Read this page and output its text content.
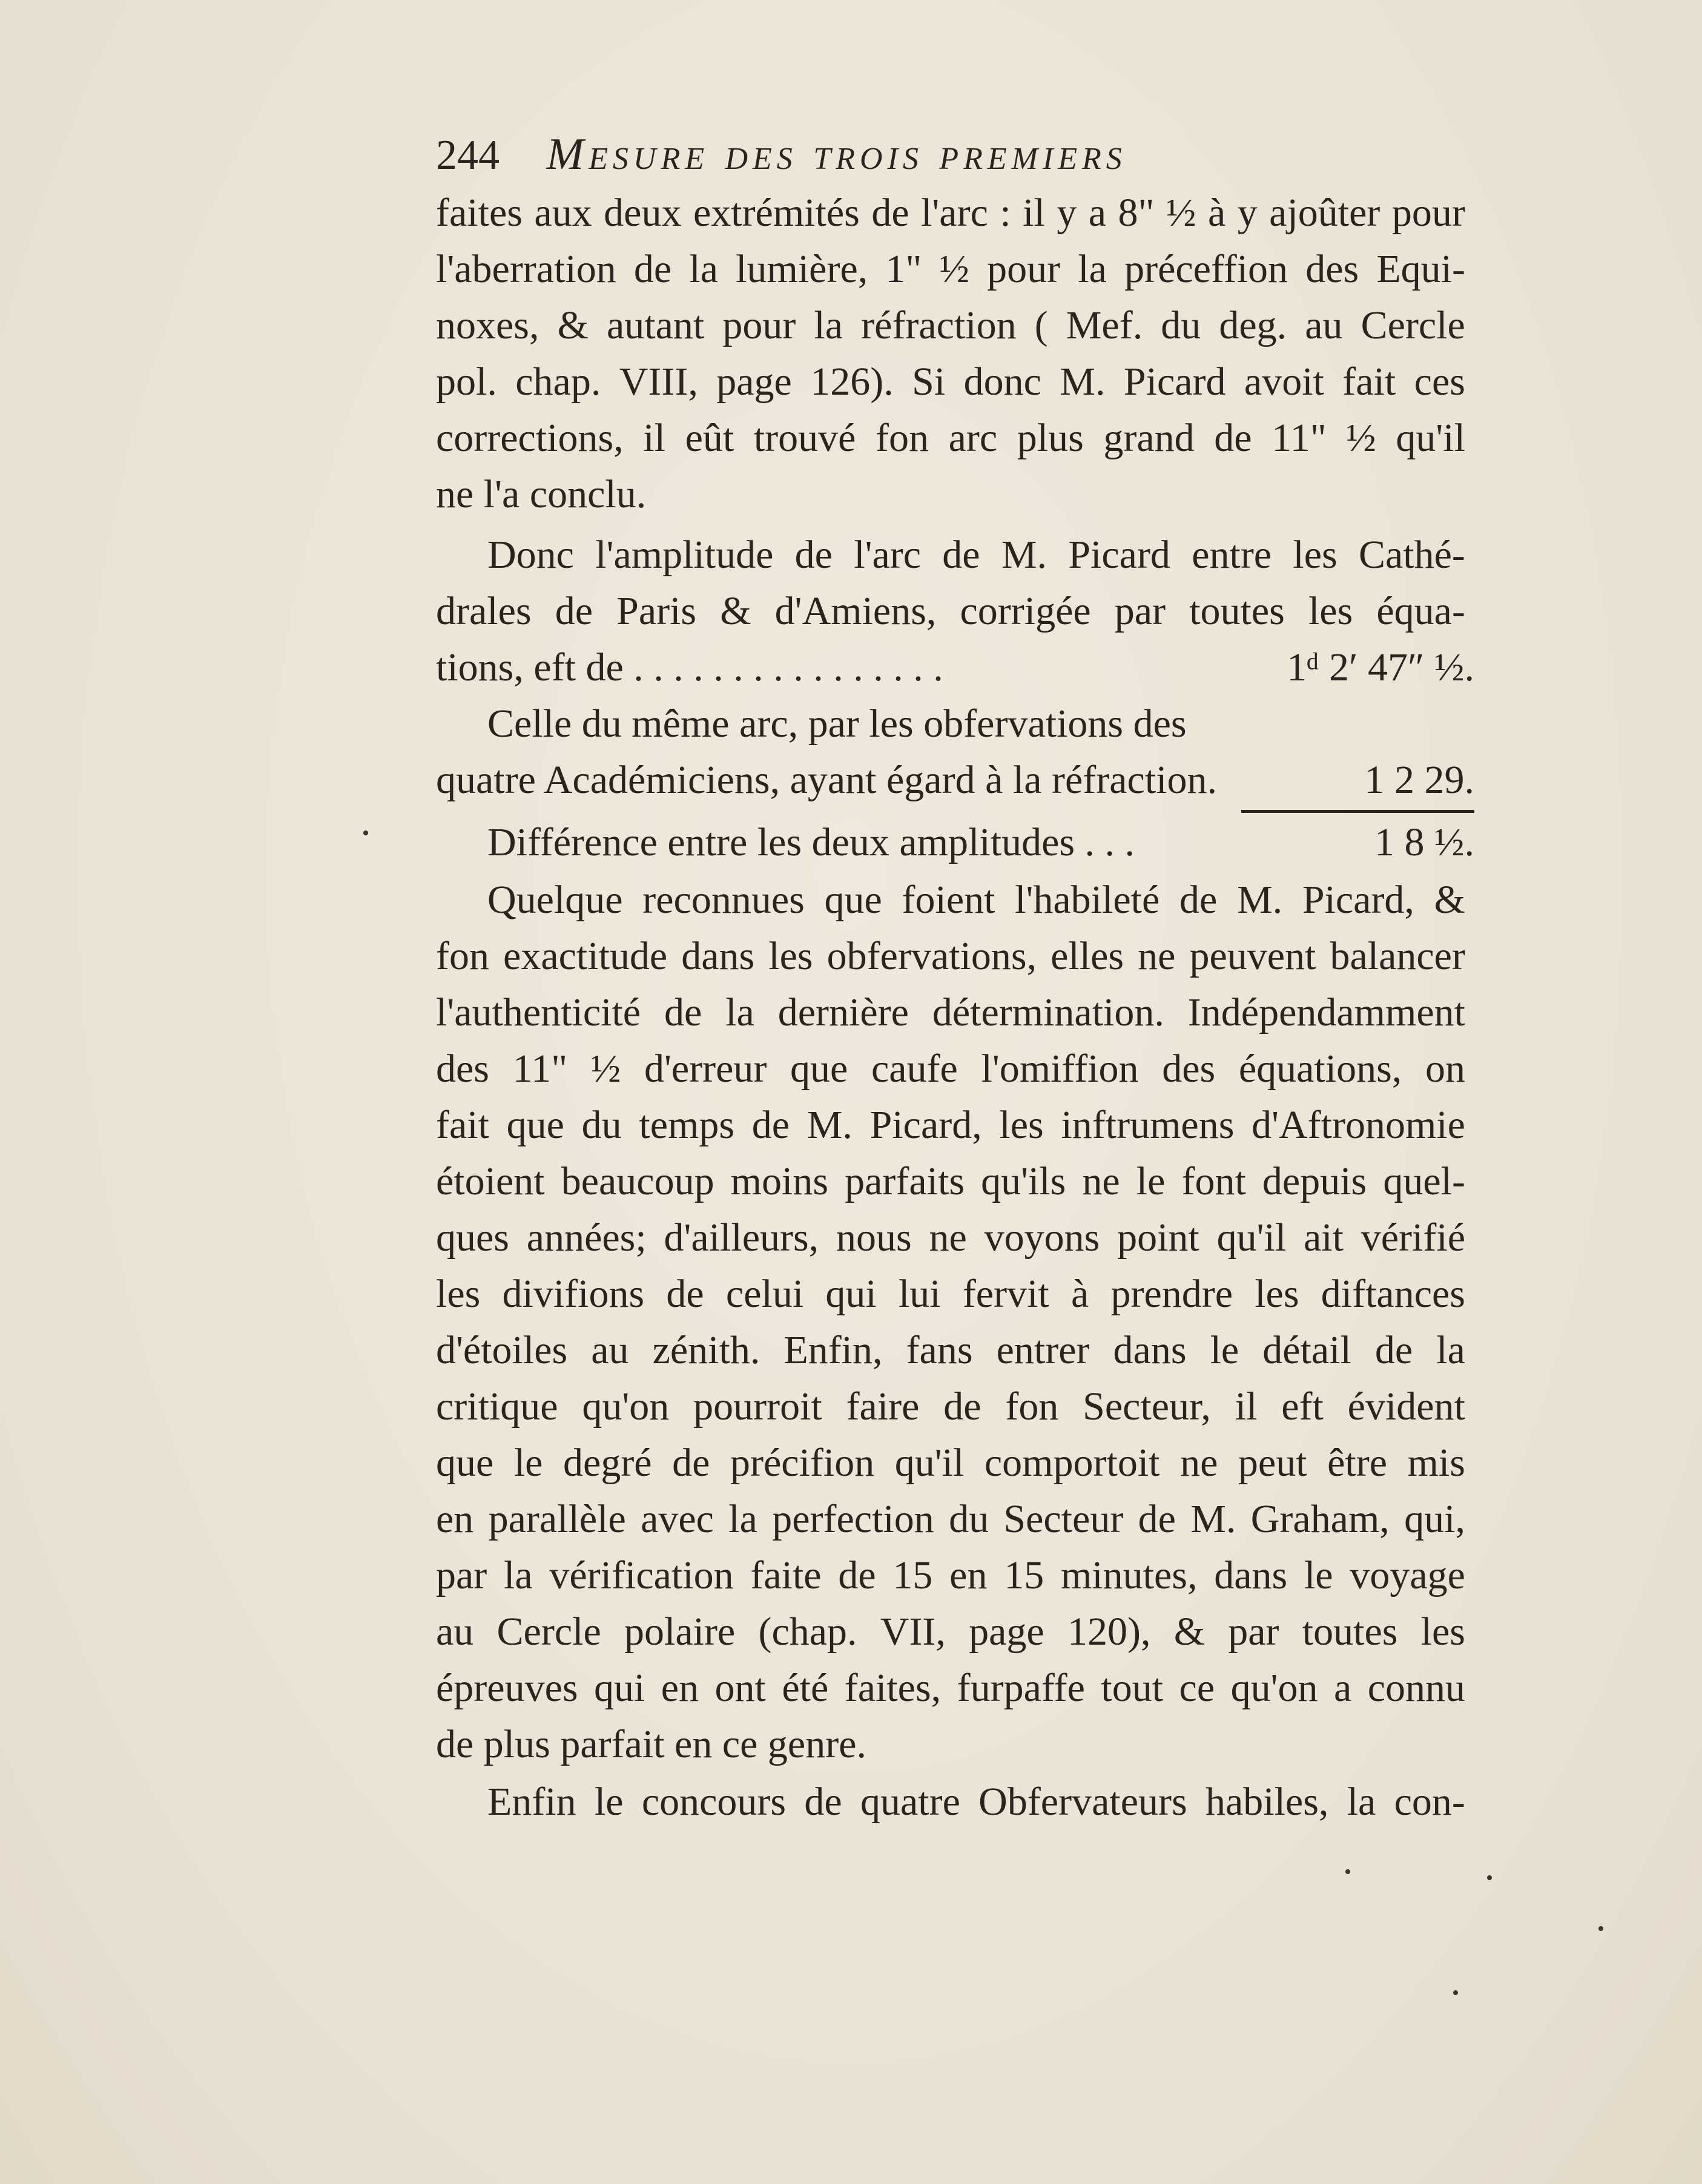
244 Mesure des trois premiers
faites aux deux extrémités de l'arc : il y a 8" ½ à y ajoûter pour
l'aberration de la lumière, 1" ½ pour la préceffion des Equi-
noxes, & autant pour la réfraction ( Mef. du deg. au Cercle
pol. chap. VIII, page 126). Si donc M. Picard avoit fait ces
corrections, il eût trouvé fon arc plus grand de 11" ½ qu'il
ne l'a conclu.
Donc l'amplitude de l'arc de M. Picard entre les Cathé-
drales de Paris & d'Amiens, corrigée par toutes les équa-
tions, eft de . . . . . . . . . . . . . . . .	1ᵈ 2′ 47″ ½.
Celle du même arc, par les obfervations des
quatre Académiciens, ayant égard à la réfraction.	1 2 29.
Différence entre les deux amplitudes . . .	1 8 ½.
Quelque reconnues que foient l'habileté de M. Picard, &
fon exactitude dans les obfervations, elles ne peuvent balancer
l'authenticité de la dernière détermination. Indépendamment
des 11" ½ d'erreur que caufe l'omiffion des équations, on
fait que du temps de M. Picard, les inftrumens d'Aftronomie
étoient beaucoup moins parfaits qu'ils ne le font depuis quel-
ques années; d'ailleurs, nous ne voyons point qu'il ait vérifié
les divifions de celui qui lui fervit à prendre les diftances
d'étoiles au zénith. Enfin, fans entrer dans le détail de la
critique qu'on pourroit faire de fon Secteur, il eft évident
que le degré de précifion qu'il comportoit ne peut être mis
en parallèle avec la perfection du Secteur de M. Graham, qui,
par la vérification faite de 15 en 15 minutes, dans le voyage
au Cercle polaire (chap. VII, page 120), & par toutes les
épreuves qui en ont été faites, furpaffe tout ce qu'on a connu
de plus parfait en ce genre.
Enfin le concours de quatre Obfervateurs habiles, la con-
